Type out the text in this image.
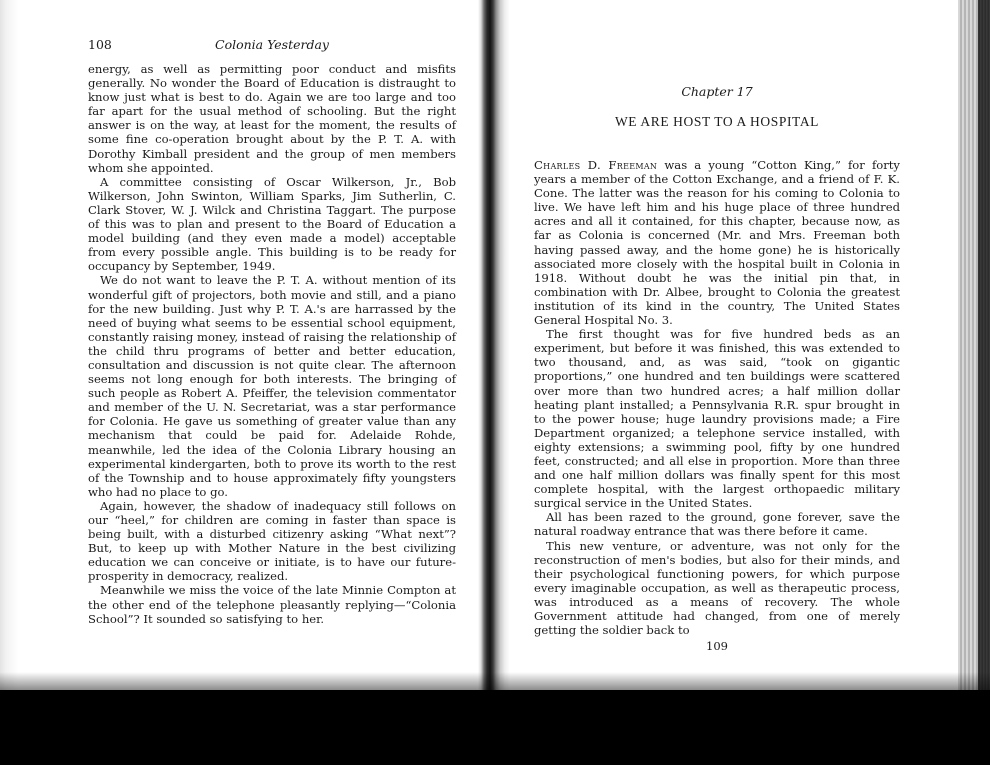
108	Colonia Yesterday

energy, as well as permitting poor conduct and misfits generally. No wonder the Board of Education is distraught to know just what is best to do. Again we are too large and too far apart for the usual method of schooling. But the right answer is on the way, at least for the moment, the results of some fine co-operation brought about by the P. T. A. with Dorothy Kimball president and the group of men members whom she appointed.

A committee consisting of Oscar Wilkerson, Jr., Bob Wilkerson, John Swinton, William Sparks, Jim Sutherlin, C. Clark Stover, W. J. Wilck and Christina Taggart. The purpose of this was to plan and present to the Board of Education a model building (and they even made a model) acceptable from every possible angle. This building is to be ready for occupancy by September, 1949.

We do not want to leave the P. T. A. without mention of its wonderful gift of projectors, both movie and still, and a piano for the new building. Just why P. T. A.'s are harrassed by the need of buying what seems to be essential school equipment, constantly raising money, instead of raising the relationship of the child thru programs of better and better education, consultation and discussion is not quite clear. The afternoon seems not long enough for both interests. The bringing of such people as Robert A. Pfeiffer, the television commentator and member of the U. N. Secretariat, was a star performance for Colonia. He gave us something of greater value than any mechanism that could be paid for. Adelaide Rohde, meanwhile, led the idea of the Colonia Library housing an experimental kindergarten, both to prove its worth to the rest of the Township and to house approximately fifty youngsters who had no place to go.

Again, however, the shadow of inadequacy still follows on our “heel,” for children are coming in faster than space is being built, with a disturbed citizenry asking “What next”? But, to keep up with Mother Nature in the best civilizing education we can conceive or initiate, is to have our future-prosperity in democracy, realized.

Meanwhile we miss the voice of the late Minnie Compton at the other end of the telephone pleasantly replying—“Colonia School”? It sounded so satisfying to her.

Chapter 17
WE ARE HOST TO A HOSPITAL

Charles D. Freeman was a young “Cotton King,” for forty years a member of the Cotton Exchange, and a friend of F. K. Cone. The latter was the reason for his coming to Colonia to live. We have left him and his huge place of three hundred acres and all it contained, for this chapter, because now, as far as Colonia is concerned (Mr. and Mrs. Freeman both having passed away, and the home gone) he is historically associated more closely with the hospital built in Colonia in 1918. Without doubt he was the initial pin that, in combination with Dr. Albee, brought to Colonia the greatest institution of its kind in the country, The United States General Hospital No. 3.

The first thought was for five hundred beds as an experiment, but before it was finished, this was extended to two thousand, and, as was said, “took on gigantic proportions,” one hundred and ten buildings were scattered over more than two hundred acres; a half million dollar heating plant installed; a Pennsylvania R.R. spur brought in to the power house; huge laundry provisions made; a Fire Department organized; a telephone service installed, with eighty extensions; a swimming pool, fifty by one hundred feet, constructed; and all else in proportion. More than three and one half million dollars was finally spent for this most complete hospital, with the largest orthopaedic military surgical service in the United States.

All has been razed to the ground, gone forever, save the natural roadway entrance that was there before it came.

This new venture, or adventure, was not only for the reconstruction of men's bodies, but also for their minds, and their psychological functioning powers, for which purpose every imaginable occupation, as well as therapeutic process, was introduced as a means of recovery. The whole Government attitude had changed, from one of merely getting the soldier back to

109
